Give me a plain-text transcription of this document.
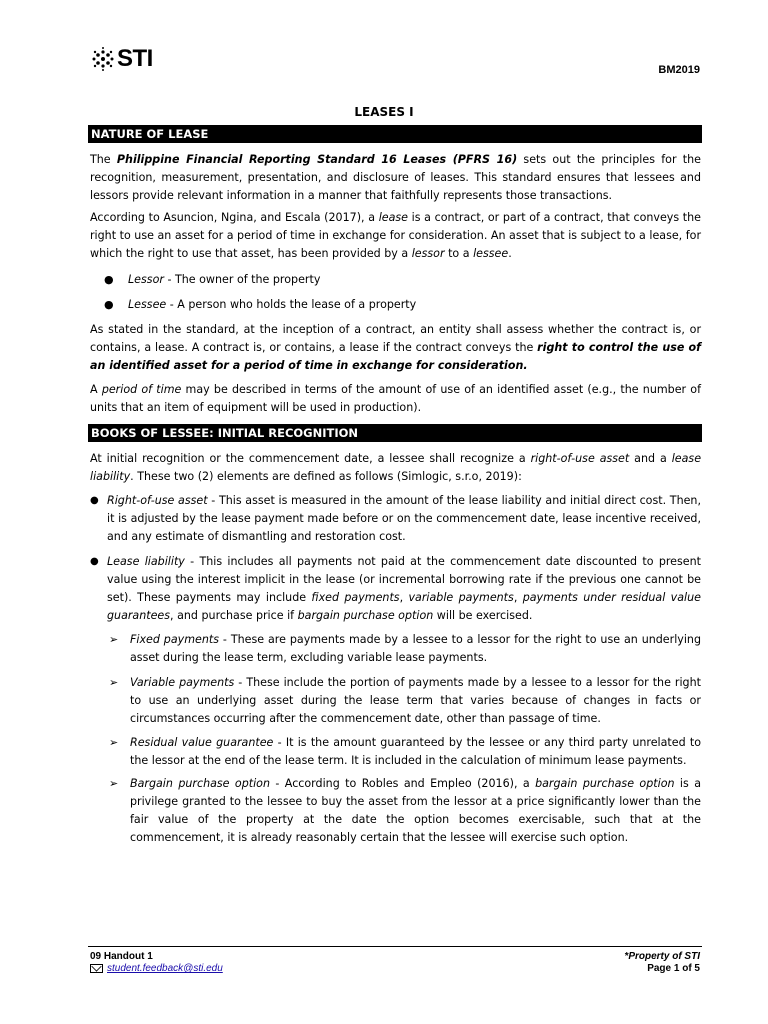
STI	BM2019
LEASES I
NATURE OF LEASE
The Philippine Financial Reporting Standard 16 Leases (PFRS 16) sets out the principles for the recognition, measurement, presentation, and disclosure of leases. This standard ensures that lessees and lessors provide relevant information in a manner that faithfully represents those transactions.
According to Asuncion, Ngina, and Escala (2017), a lease is a contract, or part of a contract, that conveys the right to use an asset for a period of time in exchange for consideration. An asset that is subject to a lease, for which the right to use that asset, has been provided by a lessor to a lessee.
●	Lessor - The owner of the property
●	Lessee - A person who holds the lease of a property
As stated in the standard, at the inception of a contract, an entity shall assess whether the contract is, or contains, a lease. A contract is, or contains, a lease if the contract conveys the right to control the use of an identified asset for a period of time in exchange for consideration.
A period of time may be described in terms of the amount of use of an identified asset (e.g., the number of units that an item of equipment will be used in production).
BOOKS OF LESSEE: INITIAL RECOGNITION
At initial recognition or the commencement date, a lessee shall recognize a right-of-use asset and a lease liability. These two (2) elements are defined as follows (Simlogic, s.r.o, 2019):
● Right-of-use asset - This asset is measured in the amount of the lease liability and initial direct cost. Then, it is adjusted by the lease payment made before or on the commencement date, lease incentive received, and any estimate of dismantling and restoration cost.
● Lease liability - This includes all payments not paid at the commencement date discounted to present value using the interest implicit in the lease (or incremental borrowing rate if the previous one cannot be set). These payments may include fixed payments, variable payments, payments under residual value guarantees, and purchase price if bargain purchase option will be exercised.
➢ Fixed payments - These are payments made by a lessee to a lessor for the right to use an underlying asset during the lease term, excluding variable lease payments.
➢ Variable payments - These include the portion of payments made by a lessee to a lessor for the right to use an underlying asset during the lease term that varies because of changes in facts or circumstances occurring after the commencement date, other than passage of time.
➢ Residual value guarantee - It is the amount guaranteed by the lessee or any third party unrelated to the lessor at the end of the lease term. It is included in the calculation of minimum lease payments.
➢ Bargain purchase option - According to Robles and Empleo (2016), a bargain purchase option is a privilege granted to the lessee to buy the asset from the lessor at a price significantly lower than the fair value of the property at the date the option becomes exercisable, such that at the commencement, it is already reasonably certain that the lessee will exercise such option.
09 Handout 1
student.feedback@sti.edu
*Property of STI
Page 1 of 5
